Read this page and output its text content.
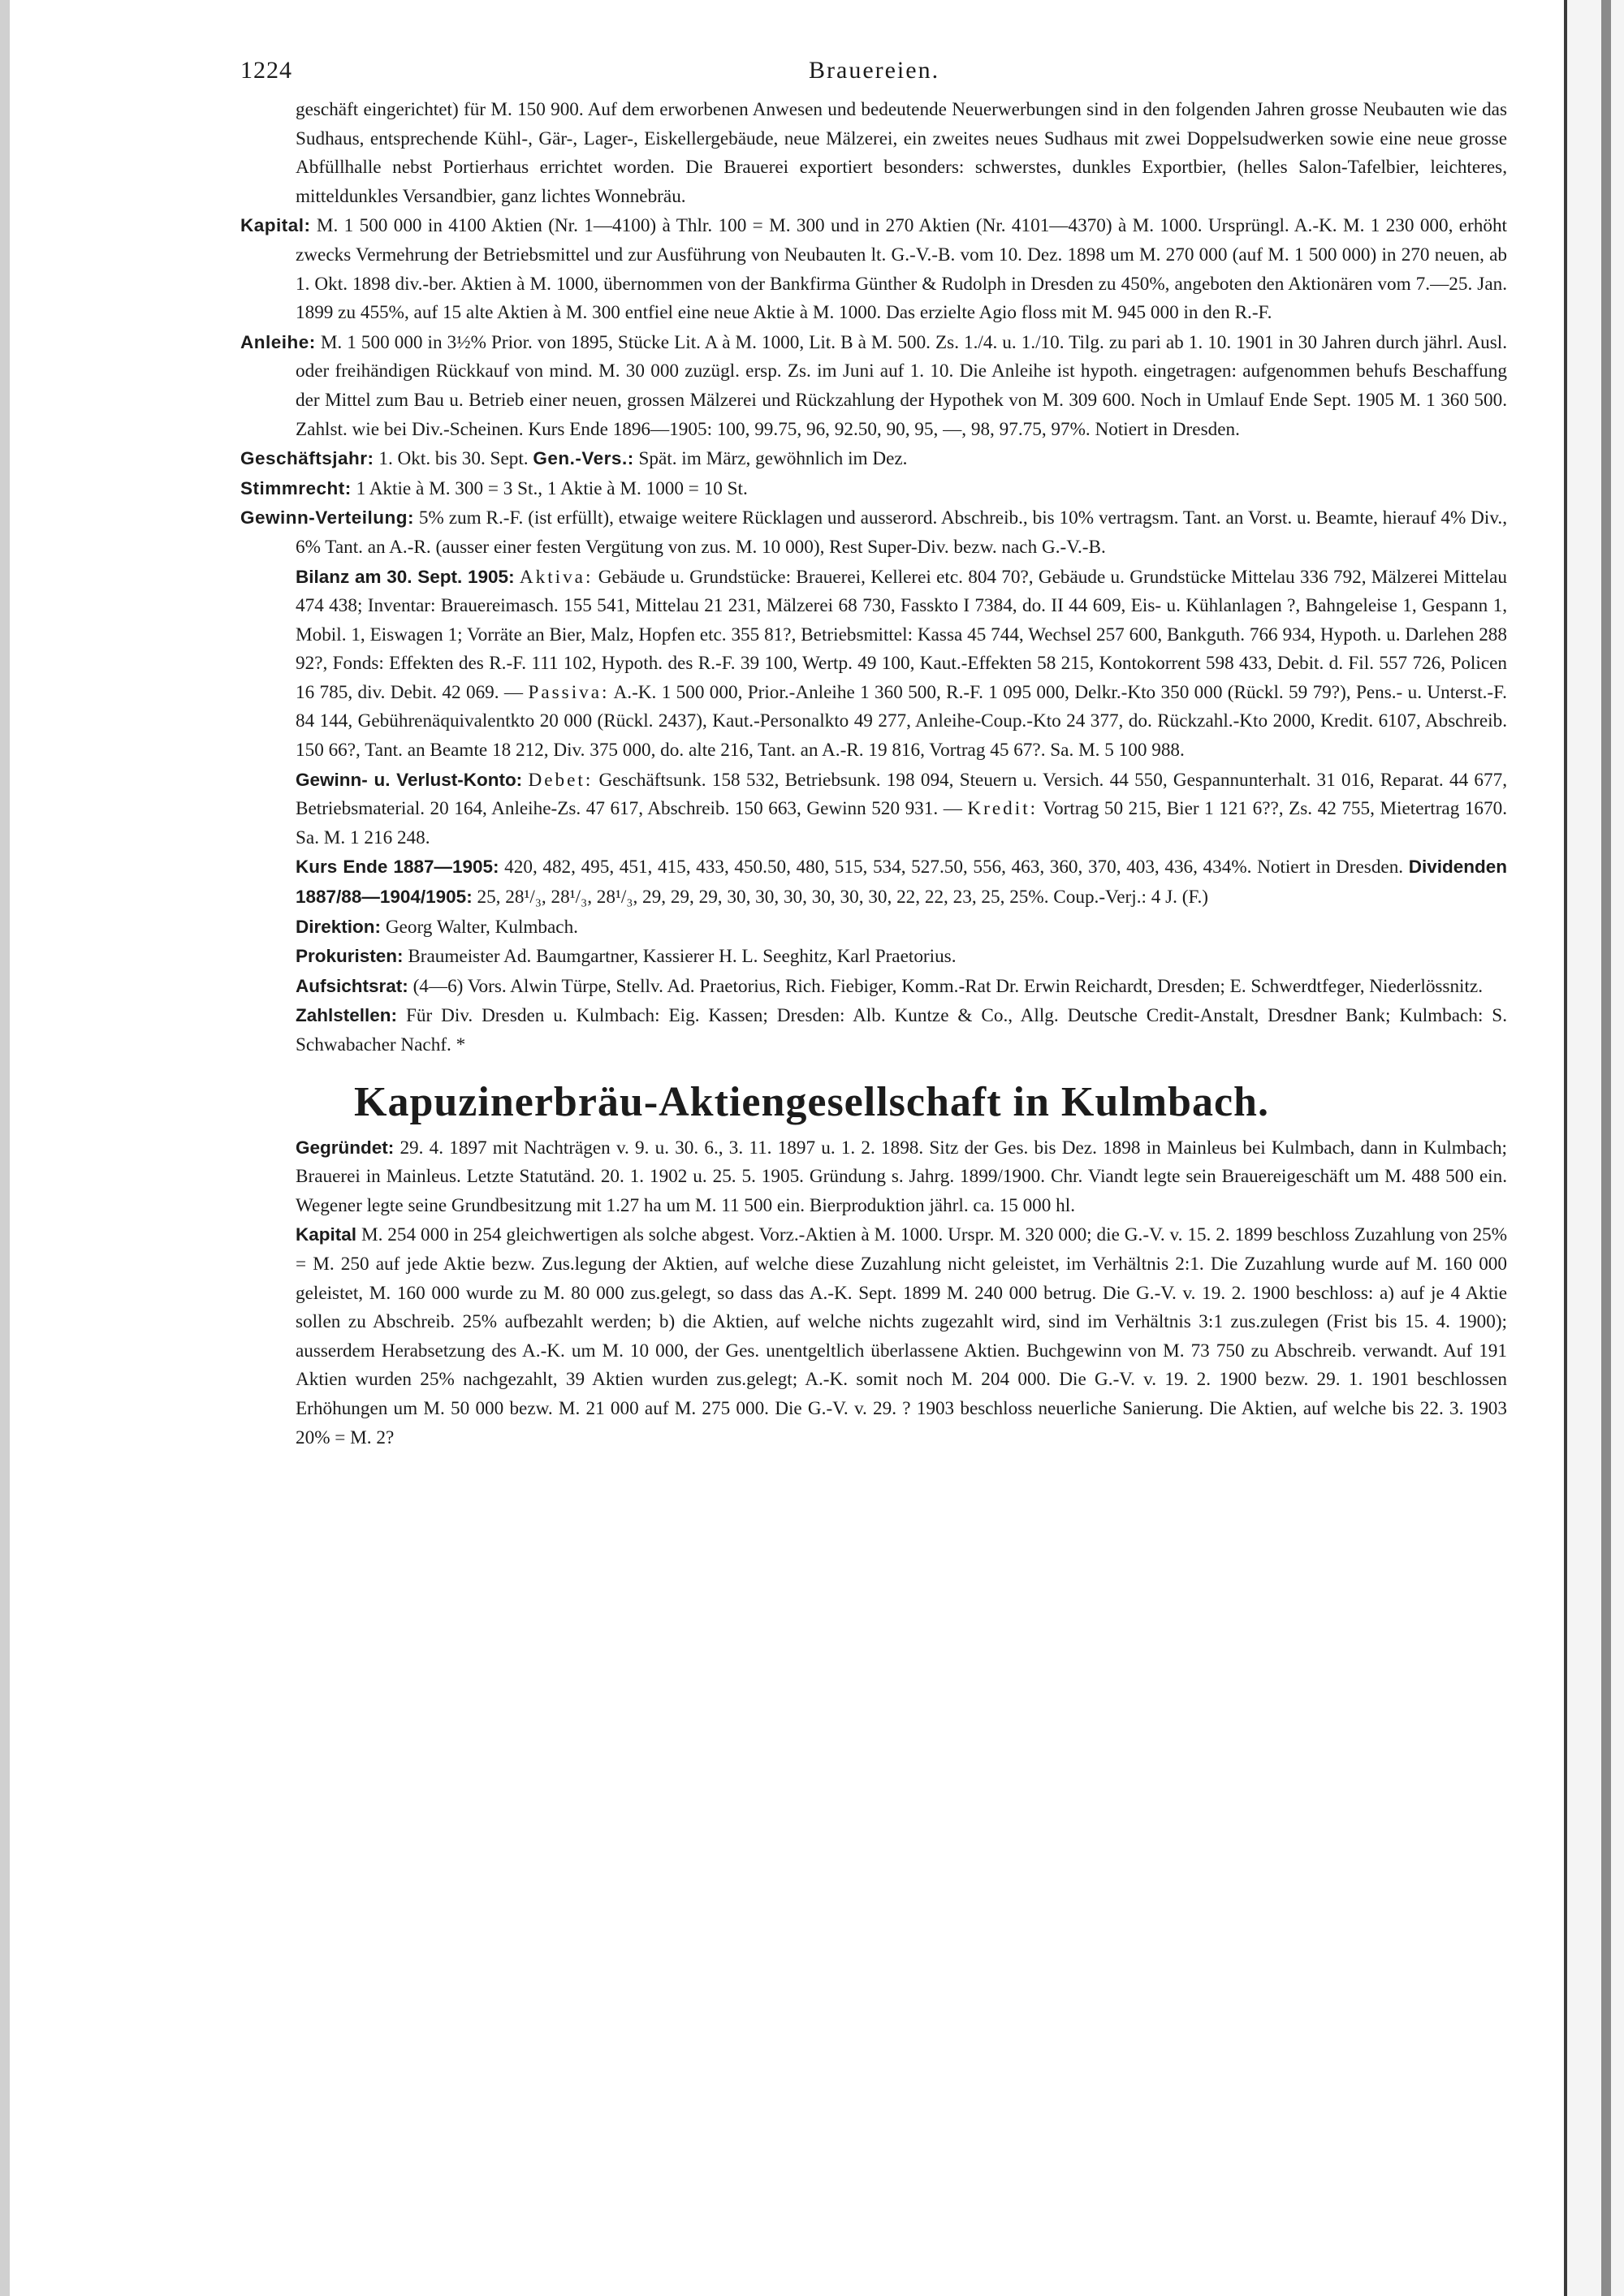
1224	Brauereien.

geschäft eingerichtet) für M. 150 900. Auf dem erworbenen Anwesen und bedeutende Neuerwerbungen sind in den folgenden Jahren grosse Neubauten wie das Sudhaus, entsprechende Kühl-, Gär-, Lager-, Eiskellergebäude, neue Mälzerei, ein zweites neues Sudhaus mit zwei Doppelsudwerken sowie eine neue grosse Abfüllhalle nebst Portierhaus errichtet worden. Die Brauerei exportiert besonders: schwerstes, dunkles Exportbier, (helles Salon-Tafelbier, leichteres, mitteldunkles Versandbier, ganz lichtes Wonnebräu.

Kapital: M. 1 500 000 in 4100 Aktien (Nr. 1—4100) à Thlr. 100 = M. 300 und in 270 Aktien (Nr. 4101—4370) à M. 1000. Ursprüngl. A.-K. M. 1 230 000, erhöht zwecks Vermehrung der Betriebsmittel und zur Ausführung von Neubauten lt. G.-V.-B. vom 10. Dez. 1898 um M. 270 000 (auf M. 1 500 000) in 270 neuen, ab 1. Okt. 1898 div.-ber. Aktien à M. 1000, übernommen von der Bankfirma Günther & Rudolph in Dresden zu 450%, angeboten den Aktionären vom 7.—25. Jan. 1899 zu 455%, auf 15 alte Aktien à M. 300 entfiel eine neue Aktie à M. 1000. Das erzielte Agio floss mit M. 945 000 in den R.-F.

Anleihe: M. 1 500 000 in 3½% Prior. von 1895, Stücke Lit. A à M. 1000, Lit. B à M. 500. Zs. 1./4. u. 1./10. Tilg. zu pari ab 1. 10. 1901 in 30 Jahren durch jährl. Ausl. oder freihändigen Rückkauf von mind. M. 30 000 zuzügl. ersp. Zs. im Juni auf 1. 10. Die Anleihe ist hypoth. eingetragen: aufgenommen behufs Beschaffung der Mittel zum Bau u. Betrieb einer neuen, grossen Mälzerei und Rückzahlung der Hypothek von M. 309 600. Noch in Umlauf Ende Sept. 1905 M. 1 360 500. Zahlst. wie bei Div.-Scheinen. Kurs Ende 1896—1905: 100, 99.75, 96, 92.50, 90, 95, —, 98, 97.75, 97%. Notiert in Dresden.

Geschäftsjahr: 1. Okt. bis 30. Sept. Gen.-Vers.: Spät. im März, gewöhnlich im Dez.

Stimmrecht: 1 Aktie à M. 300 = 3 St., 1 Aktie à M. 1000 = 10 St.

Gewinn-Verteilung: 5% zum R.-F. (ist erfüllt), etwaige weitere Rücklagen und ausserord. Abschreib., bis 10% vertragsm. Tant. an Vorst. u. Beamte, hierauf 4% Div., 6% Tant. an A.-R. (ausser einer festen Vergütung von zus. M. 10 000), Rest Super-Div. bezw. nach G.-V.-B.

Bilanz am 30. Sept. 1905: Aktiva: Gebäude u. Grundstücke: Brauerei, Kellerei etc. 804 70?, Gebäude u. Grundstücke Mittelau 336 792, Mälzerei Mittelau 474 438; Inventar: Brauereimasch. 155 541, Mittelau 21 231, Mälzerei 68 730, Fasskto I 7384, do. II 44 609, Eis- u. Kühlanlagen ?, Bahngeleise 1, Gespann 1, Mobil. 1, Eiswagen 1; Vorräte an Bier, Malz, Hopfen etc. 355 81?, Betriebsmittel: Kassa 45 744, Wechsel 257 600, Bankguth. 766 934, Hypoth. u. Darlehen 288 92?, Fonds: Effekten des R.-F. 111 102, Hypoth. des R.-F. 39 100, Wertp. 49 100, Kaut.-Effekten 58 215, Kontokorrent 598 433, Debit. d. Fil. 557 726, Policen 16 785, div. Debit. 42 069. — Passiva: A.-K. 1 500 000, Prior.-Anleihe 1 360 500, R.-F. 1 095 000, Delkr.-Kto 350 000 (Rückl. 59 79?), Pens.- u. Unterst.-F. 84 144, Gebührenäquivalentkto 20 000 (Rückl. 2437), Kaut.-Personalkto 49 277, Anleihe-Coup.-Kto 24 377, do. Rückzahl.-Kto 2000, Kredit. 6107, Abschreib. 150 66?, Tant. an Beamte 18 212, Div. 375 000, do. alte 216, Tant. an A.-R. 19 816, Vortrag 45 67?. Sa. M. 5 100 988.

Gewinn- u. Verlust-Konto: Debet: Geschäftsunk. 158 532, Betriebsunk. 198 094, Steuern u. Versich. 44 550, Gespannunterhalt. 31 016, Reparat. 44 677, Betriebsmaterial. 20 164, Anleihe-Zs. 47 617, Abschreib. 150 663, Gewinn 520 931. — Kredit: Vortrag 50 215, Bier 1 121 6??, Zs. 42 755, Mietertrag 1670. Sa. M. 1 216 248.

Kurs Ende 1887—1905: 420, 482, 495, 451, 415, 433, 450.50, 480, 515, 534, 527.50, 556, 463, 360, 370, 403, 436, 434%. Notiert in Dresden. Dividenden 1887/88—1904/1905: 25, 28¹/₃, 28¹/₃, 28¹/₃, 29, 29, 29, 30, 30, 30, 30, 30, 30, 22, 22, 23, 25, 25%. Coup.-Verj.: 4 J. (F.)

Direktion: Georg Walter, Kulmbach.

Prokuristen: Braumeister Ad. Baumgartner, Kassierer H. L. Seeghitz, Karl Praetorius.

Aufsichtsrat: (4—6) Vors. Alwin Türpe, Stellv. Ad. Praetorius, Rich. Fiebiger, Komm.-Rat Dr. Erwin Reichardt, Dresden; E. Schwerdtfeger, Niederlössnitz.

Zahlstellen: Für Div. Dresden u. Kulmbach: Eig. Kassen; Dresden: Alb. Kuntze & Co., Allg. Deutsche Credit-Anstalt, Dresdner Bank; Kulmbach: S. Schwabacher Nachf. *

Kapuzinerbräu-Aktiengesellschaft in Kulmbach.

Gegründet: 29. 4. 1897 mit Nachträgen v. 9. u. 30. 6., 3. 11. 1897 u. 1. 2. 1898. Sitz der Ges. bis Dez. 1898 in Mainleus bei Kulmbach, dann in Kulmbach; Brauerei in Mainleus. Letzte Statutänd. 20. 1. 1902 u. 25. 5. 1905. Gründung s. Jahrg. 1899/1900. Chr. Viandt legte sein Brauereigeschäft um M. 488 500 ein. Wegener legte seine Grundbesitzung mit 1.27 ha um M. 11 500 ein. Bierproduktion jährl. ca. 15 000 hl.

Kapital M. 254 000 in 254 gleichwertigen als solche abgest. Vorz.-Aktien à M. 1000. Urspr. M. 320 000; die G.-V. v. 15. 2. 1899 beschloss Zuzahlung von 25% = M. 250 auf jede Aktie bezw. Zus.legung der Aktien, auf welche diese Zuzahlung nicht geleistet, im Verhältnis 2:1. Die Zuzahlung wurde auf M. 160 000 geleistet, M. 160 000 wurde zu M. 80 000 zus.gelegt, so dass das A.-K. Sept. 1899 M. 240 000 betrug. Die G.-V. v. 19. 2. 1900 beschloss: a) auf je 4 Aktie sollen zu Abschreib. 25% aufbezahlt werden; b) die Aktien, auf welche nichts zugezahlt wird, sind im Verhältnis 3:1 zus.zulegen (Frist bis 15. 4. 1900); ausserdem Herabsetzung des A.-K. um M. 10 000, der Ges. unentgeltlich überlassene Aktien. Buchgewinn von M. 73 750 zu Abschreib. verwandt. Auf 191 Aktien wurden 25% nachgezahlt, 39 Aktien wurden zus.gelegt; A.-K. somit noch M. 204 000. Die G.-V. v. 19. 2. 1900 bezw. 29. 1. 1901 beschlossen Erhöhungen um M. 50 000 bezw. M. 21 000 auf M. 275 000. Die G.-V. v. 29. ? 1903 beschloss neuerliche Sanierung. Die Aktien, auf welche bis 22. 3. 1903 20% = M. 2?
